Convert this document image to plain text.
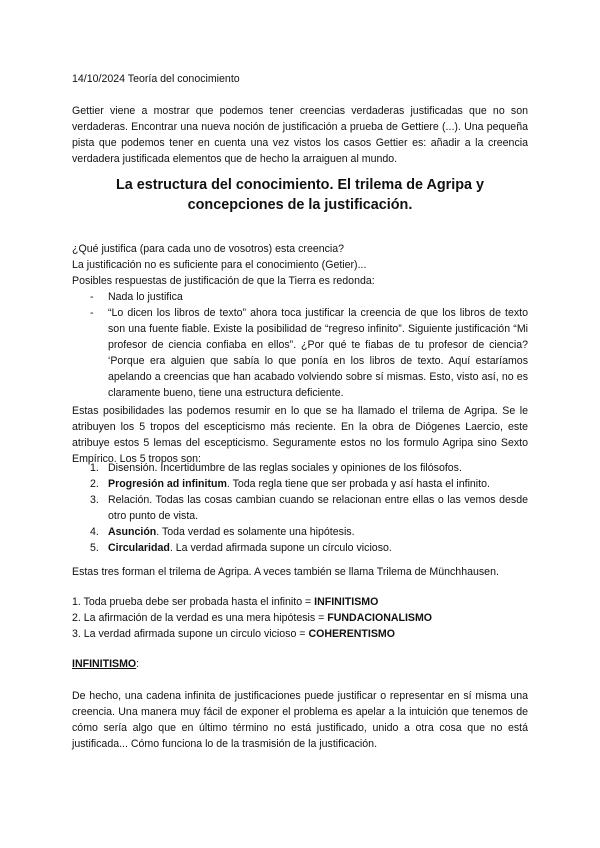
14/10/2024 Teoría del conocimiento

Gettier viene a mostrar que podemos tener creencias verdaderas justificadas que no son verdaderas. Encontrar una nueva noción de justificación a prueba de Gettiere (...). Una pequeña pista que podemos tener en cuenta una vez vistos los casos Gettier es: añadir a la creencia verdadera justificada elementos que de hecho la arraiguen al mundo.

La estructura del conocimiento. El trilema de Agripa y

concepciones de la justificación.

¿Qué justifica (para cada uno de vosotros) esta creencia?

La justificación no es suficiente para el conocimiento (Getier)...

Posibles respuestas de justificación de que la Tierra es redonda:

- Nada lo justifica
- “Lo dicen los libros de texto” ahora toca justificar la creencia de que los libros de texto son una fuente fiable. Existe la posibilidad de “regreso infinito”. Siguiente justificación “Mi profesor de ciencia confiaba en ellos”. ¿Por qué te fiabas de tu profesor de ciencia? ‘Porque era alguien que sabía lo que ponía en los libros de texto. Aquí estaríamos apelando a creencias que han acabado volviendo sobre sí mismas. Esto, visto así, no es claramente bueno, tiene una estructura deficiente.

Estas posibilidades las podemos resumir en lo que se ha llamado el trilema de Agripa. Se le atribuyen los 5 tropos del escepticismo más reciente. En la obra de Diógenes Laercio, este atribuye estos 5 lemas del escepticismo. Seguramente estos no los formulo Agripa sino Sexto Empírico. Los 5 tropos son:

1. Disensión. Incertidumbre de las reglas sociales y opiniones de los filósofos.
2. Progresión ad infinitum. Toda regla tiene que ser probada y así hasta el infinito.
3. Relación. Todas las cosas cambian cuando se relacionan entre ellas o las vemos desde otro punto de vista.
4. Asunción. Toda verdad es solamente una hipótesis.
5. Circularidad. La verdad afirmada supone un círculo vicioso.

Estas tres forman el trilema de Agripa. A veces también se llama Trilema de Münchhausen.

1. Toda prueba debe ser probada hasta el infinito = INFINITISMO

2. La afirmación de la verdad es una mera hipótesis = FUNDACIONALISMO

3. La verdad afirmada supone un circulo vicioso = COHERENTISMO

INFINITISMO:

De hecho, una cadena infinita de justificaciones puede justificar o representar en sí misma una creencia. Una manera muy fácil de exponer el problema es apelar a la intuición que tenemos de cómo sería algo que en último término no está justificado, unido a otra cosa que no está justificada... Cómo funciona lo de la trasmisión de la justificación.
